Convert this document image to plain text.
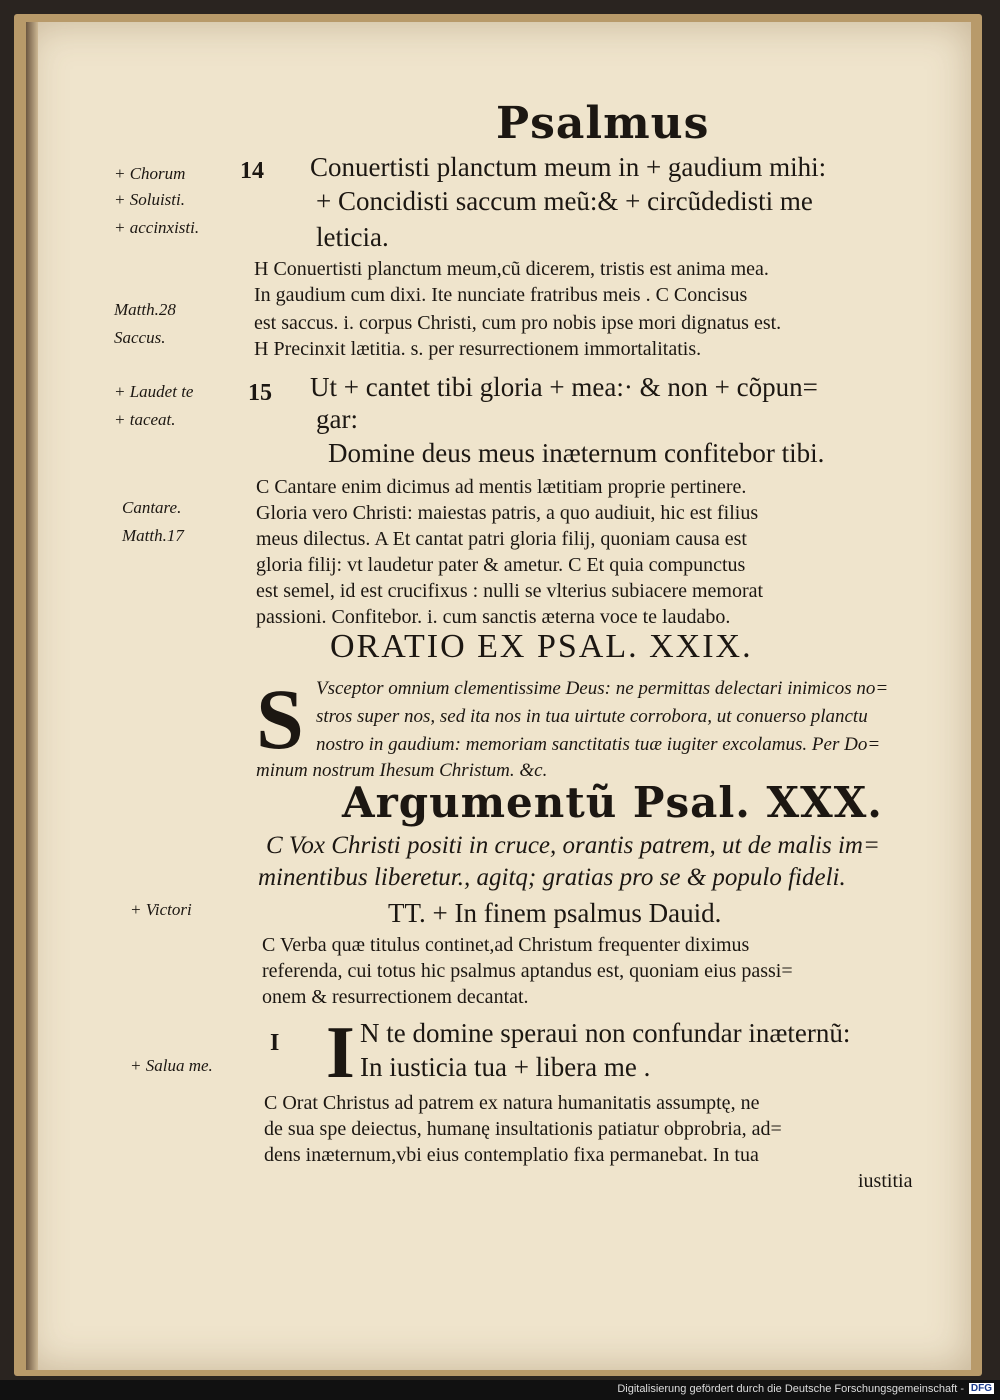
Psalmus
+ Chorum
+ Soluisti.
+ accinxisti.
Matth.28
Saccus.
+ Laudet te
+ taceat.
Cantare.
Matth.17
+ Victori
+ Salua me.
14 Conuertisti planctum meum in + gaudium mihi:
+ Concidisti saccum meũ:& + circũdedisti me
leticia.
H Conuertisti planctum meum,cũ dicerem, tristis est anima mea.
In gaudium cum dixi. Ite nunciate fratribus meis . C Concisus
est saccus. i. corpus Christi, cum pro nobis ipse mori dignatus est.
H Precinxit lætitia. s. per resurrectionem immortalitatis.
15 Ut + cantet tibi gloria + mea:· & non + cõpun=
gar:
Domine deus meus inæternum confitebor tibi.
C Cantare enim dicimus ad mentis lætitiam proprie pertinere.
Gloria vero Christi: maiestas patris, a quo audiuit, hic est filius
meus dilectus. A Et cantat patri gloria filij, quoniam causa est
gloria filij: vt laudetur pater & ametur. C Et quia compunctus
est semel, id est crucifixus : nulli se vlterius subiacere memorat
passioni. Confitebor. i. cum sanctis æterna voce te laudabo.
ORATIO EX PSAL. XXIX.
S Vsceptor omnium clementissime Deus: ne permittas delectari inimicos no=
stros super nos, sed ita nos in tua uirtute corrobora, ut conuerso planctu
nostro in gaudium: memoriam sanctitatis tuæ iugiter excolamus. Per Do=
minum nostrum Ihesum Christum. &c.
Argumentũ Psal. XXX.
C Vox Christi positi in cruce, orantis patrem, ut de malis im=
minentibus liberetur., agitq; gratias pro se & populo fideli.
TT. + In finem psalmus Dauid.
C Verba quæ titulus continet,ad Christum frequenter diximus
referenda, cui totus hic psalmus aptandus est, quoniam eius passi=
onem & resurrectionem decantat.
I I N te domine speraui non confundar inæternũ:
In iusticia tua + libera me .
C Orat Christus ad patrem ex natura humanitatis assumptę, ne
de sua spe deiectus, humanę insultationis patiatur obprobria, ad=
dens inæternum,vbi eius contemplatio fixa permanebat. In tua
iustitia
Digitalisierung gefördert durch die Deutsche Forschungsgemeinschaft - DFG
